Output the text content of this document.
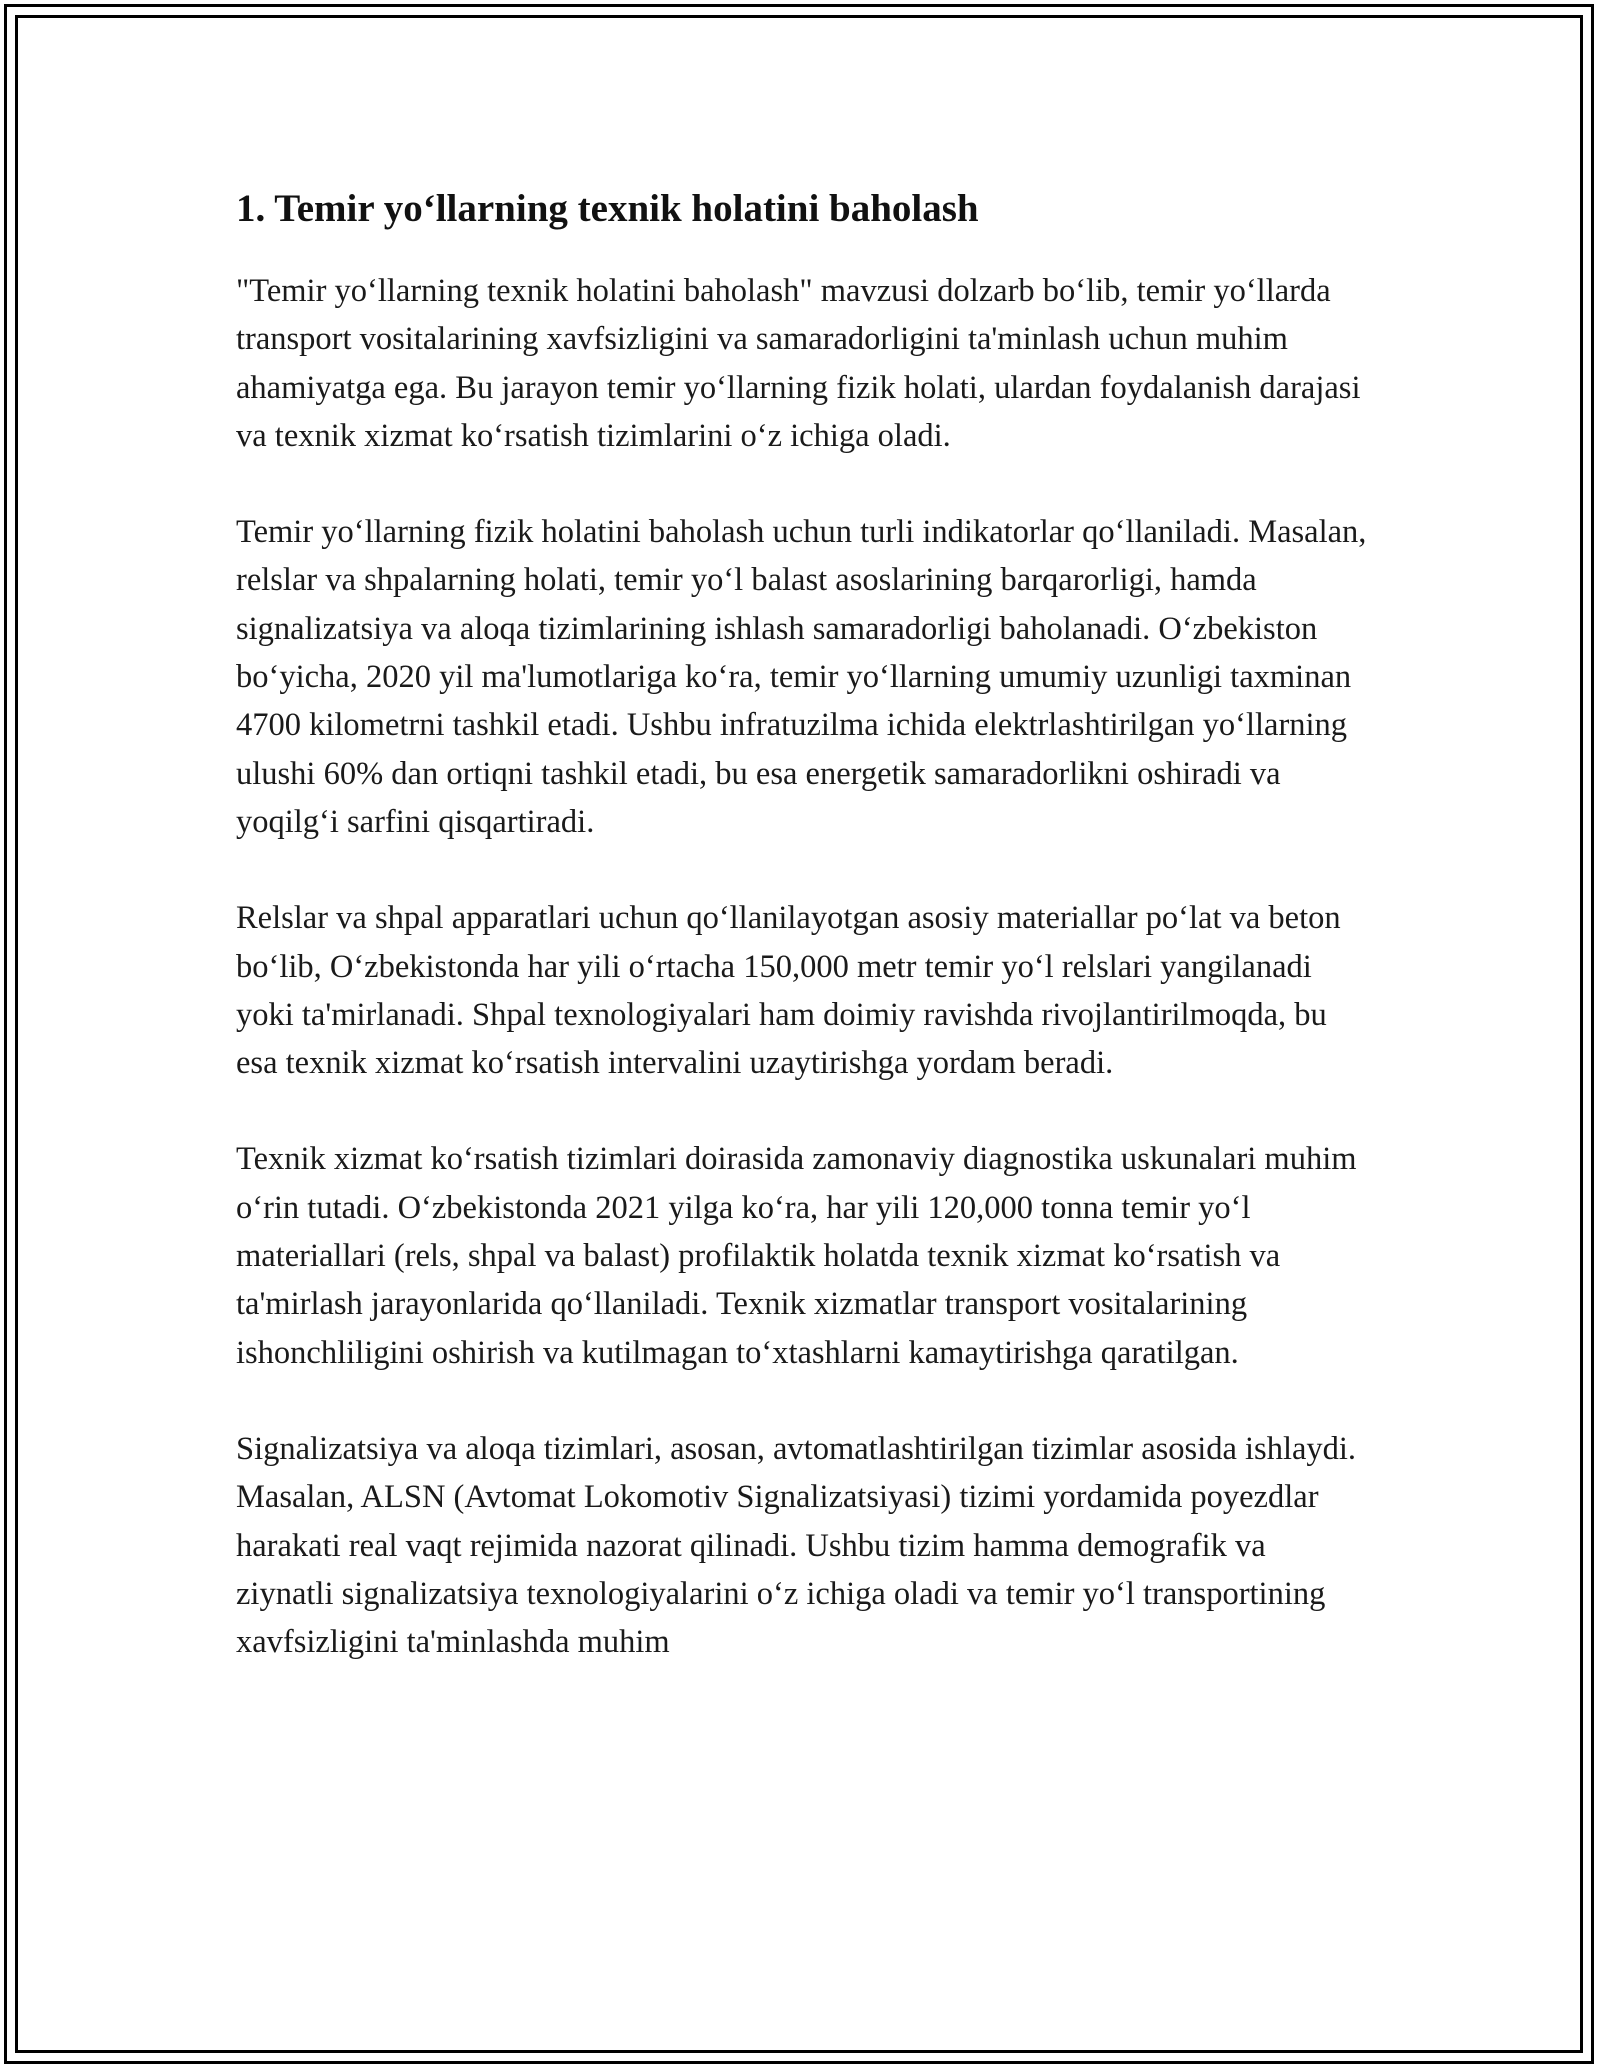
1. Temir yo‘llarning texnik holatini baholash

"Temir yo‘llarning texnik holatini baholash" mavzusi dolzarb bo‘lib, temir yo‘llarda transport vositalarining xavfsizligini va samaradorligini ta'minlash uchun muhim ahamiyatga ega. Bu jarayon temir yo‘llarning fizik holati, ulardan foydalanish darajasi va texnik xizmat ko‘rsatish tizimlarini o‘z ichiga oladi.

Temir yo‘llarning fizik holatini baholash uchun turli indikatorlar qo‘llaniladi. Masalan, relslar va shpalarning holati, temir yo‘l balast asoslarining barqarorligi, hamda signalizatsiya va aloqa tizimlarining ishlash samaradorligi baholanadi. O‘zbekiston bo‘yicha, 2020 yil ma'lumotlariga ko‘ra, temir yo‘llarning umumiy uzunligi taxminan 4700 kilometrni tashkil etadi. Ushbu infratuzilma ichida elektrlashtirilgan yo‘llarning ulushi 60% dan ortiqni tashkil etadi, bu esa energetik samaradorlikni oshiradi va yoqilg‘i sarfini qisqartiradi.

Relslar va shpal apparatlari uchun qo‘llanilayotgan asosiy materiallar po‘lat va beton bo‘lib, O‘zbekistonda har yili o‘rtacha 150,000 metr temir yo‘l relslari yangilanadi yoki ta'mirlanadi. Shpal texnologiyalari ham doimiy ravishda rivojlantirilmoqda, bu esa texnik xizmat ko‘rsatish intervalini uzaytirishga yordam beradi.

Texnik xizmat ko‘rsatish tizimlari doirasida zamonaviy diagnostika uskunalari muhim o‘rin tutadi. O‘zbekistonda 2021 yilga ko‘ra, har yili 120,000 tonna temir yo‘l materiallari (rels, shpal va balast) profilaktik holatda texnik xizmat ko‘rsatish va ta'mirlash jarayonlarida qo‘llaniladi. Texnik xizmatlar transport vositalarining ishonchliligini oshirish va kutilmagan to‘xtashlarni kamaytirishga qaratilgan.

Signalizatsiya va aloqa tizimlari, asosan, avtomatlashtirilgan tizimlar asosida ishlaydi. Masalan, ALSN (Avtomat Lokomotiv Signalizatsiyasi) tizimi yordamida poyezdlar harakati real vaqt rejimida nazorat qilinadi. Ushbu tizim hamma demografik va ziynatli signalizatsiya texnologiyalarini o‘z ichiga oladi va temir yo‘l transportining xavfsizligini ta'minlashda muhim
